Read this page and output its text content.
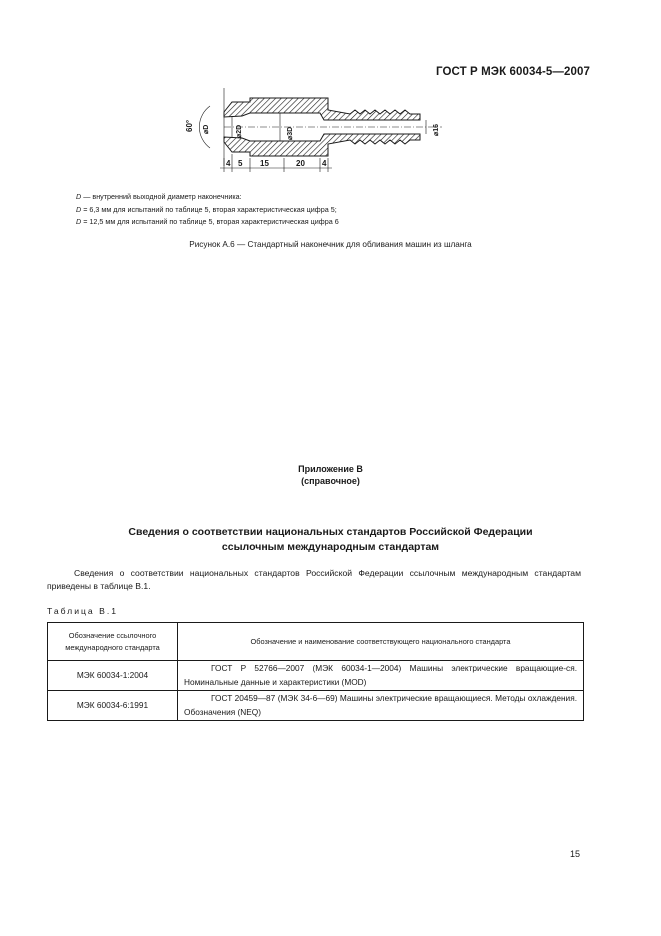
ГОСТ Р МЭК 60034-5—2007
60° ⌀D	⌀2D	⌀3D	⌀16
4 5 15	20 4
D — внутренний выходной диаметр наконечника:
D = 6,3 мм для испытаний по таблице 5, вторая характеристическая цифра 5;
D = 12,5 мм для испытаний по таблице 5, вторая характеристическая цифра 6
Рисунок А.6 — Стандартный наконечник для обливания машин из шланга
Приложение В
(справочное)
Сведения о соответствии национальных стандартов Российской Федерации
ссылочным международным стандартам
Сведения о соответствии национальных стандартов Российской Федерации ссылочным международным стандартам приведены в таблице В.1.
Таблица В.1
Обозначение ссылочного международного стандарта	Обозначение и наименование соответствующего национального стандарта
МЭК 60034-1:2004	ГОСТ Р 52766—2007 (МЭК 60034-1—2004) Машины электрические вращающие-ся. Номинальные данные и характеристики (MOD)
МЭК 60034-6:1991	ГОСТ 20459—87 (МЭК 34-6—69) Машины электрические вращающиеся. Методы охлаждения. Обозначения (NEQ)
15
